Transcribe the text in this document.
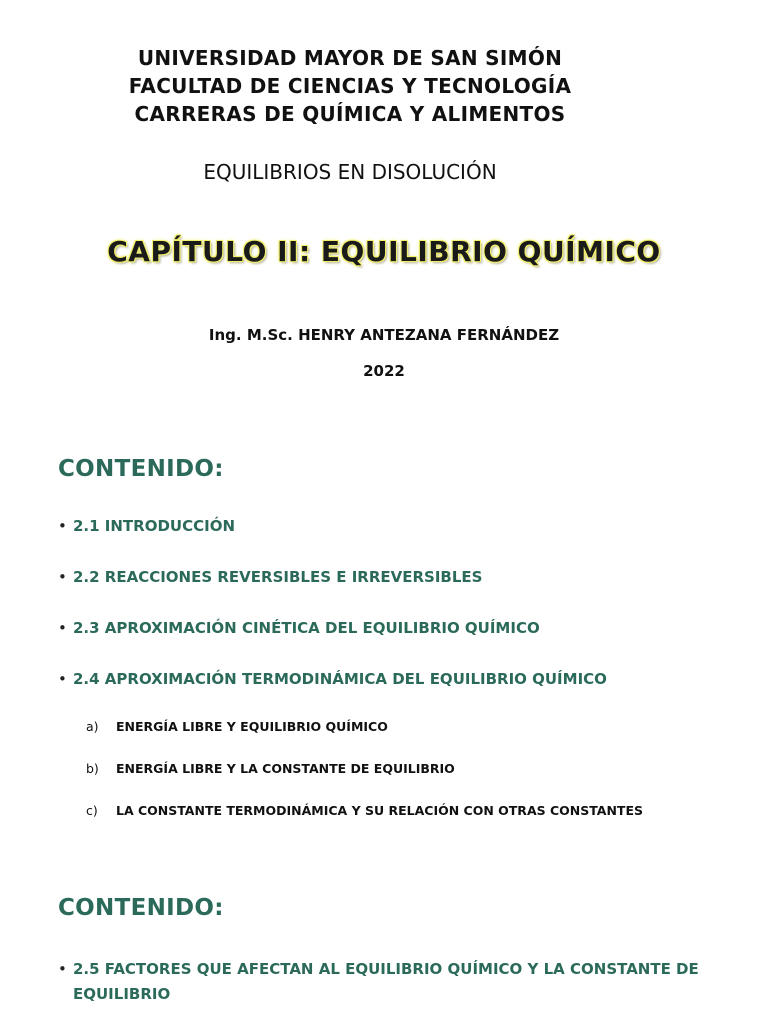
UNIVERSIDAD MAYOR DE SAN SIMÓN
FACULTAD DE CIENCIAS Y TECNOLOGÍA
CARRERAS DE QUÍMICA Y ALIMENTOS
EQUILIBRIOS EN DISOLUCIÓN
CAPÍTULO II: EQUILIBRIO QUÍMICO
Ing. M.Sc. HENRY ANTEZANA FERNÁNDEZ
2022
CONTENIDO:
• 2.1 INTRODUCCIÓN
• 2.2 REACCIONES REVERSIBLES E IRREVERSIBLES
• 2.3 APROXIMACIÓN CINÉTICA DEL EQUILIBRIO QUÍMICO
• 2.4 APROXIMACIÓN TERMODINÁMICA DEL EQUILIBRIO QUÍMICO
a) ENERGÍA LIBRE Y EQUILIBRIO QUÍMICO
b) ENERGÍA LIBRE Y LA CONSTANTE DE EQUILIBRIO
c) LA CONSTANTE TERMODINÁMICA Y SU RELACIÓN CON OTRAS CONSTANTES
CONTENIDO:
• 2.5 FACTORES QUE AFECTAN AL EQUILIBRIO QUÍMICO Y LA CONSTANTE DE EQUILIBRIO
